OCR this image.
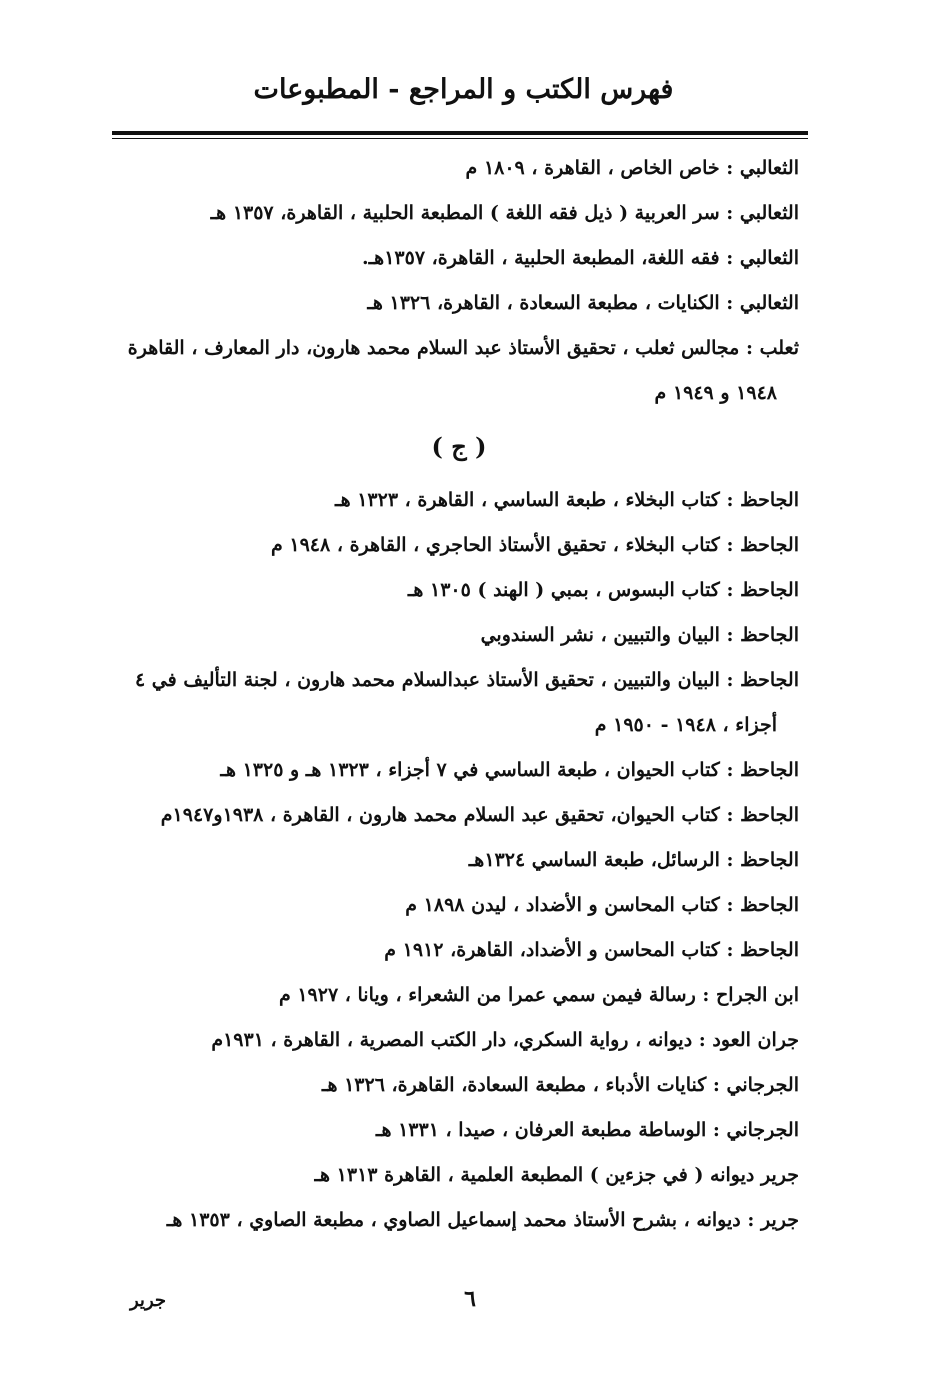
فهرس الكتب و المراجع - المطبوعات
الثعالبي : خاص الخاص ، القاهرة ، ١٨٠٩ م
الثعالبي : سر العربية ( ذيل فقه اللغة ) المطبعة الحلبية ، القاهرة، ١٣٥٧ هـ
الثعالبي : فقه اللغة، المطبعة الحلبية ، القاهرة، ١٣٥٧هـ.
الثعالبي : الكنايات ، مطبعة السعادة ، القاهرة، ١٣٢٦ هـ
ثعلب : مجالس ثعلب ، تحقيق الأستاذ عبد السلام محمد هارون، دار المعارف ، القاهرة
١٩٤٨ و ١٩٤٩ م
( ج )
الجاحظ : كتاب البخلاء ، طبعة الساسي ، القاهرة ، ١٣٢٣ هـ
الجاحظ : كتاب البخلاء ، تحقيق الأستاذ الحاجري ، القاهرة ، ١٩٤٨ م
الجاحظ : كتاب البسوس ، بمبي ( الهند ) ١٣٠٥ هـ
الجاحظ : البيان والتبيين ، نشر السندوبي
الجاحظ : البيان والتبيين ، تحقيق الأستاذ عبدالسلام محمد هارون ، لجنة التأليف في ٤
أجزاء ، ١٩٤٨ - ١٩٥٠ م
الجاحظ : كتاب الحيوان ، طبعة الساسي في ٧ أجزاء ، ١٣٢٣ هـ و ١٣٢٥ هـ
الجاحظ : كتاب الحيوان، تحقيق عبد السلام محمد هارون ، القاهرة ، ١٩٣٨و١٩٤٧م
الجاحظ : الرسائل، طبعة الساسي ١٣٢٤هـ
الجاحظ : كتاب المحاسن و الأضداد ، ليدن ١٨٩٨ م
الجاحظ : كتاب المحاسن و الأضداد، القاهرة، ١٩١٢ م
ابن الجراح : رسالة فيمن سمي عمرا من الشعراء ، ويانا ، ١٩٢٧ م
جران العود : ديوانه ، رواية السكري، دار الكتب المصرية ، القاهرة ، ١٩٣١م
الجرجاني : كنايات الأدباء ، مطبعة السعادة، القاهرة، ١٣٢٦ هـ
الجرجاني : الوساطة مطبعة العرفان ، صيدا ، ١٣٣١ هـ
جرير ديوانه ( في جزءين ) المطبعة العلمية ، القاهرة ١٣١٣ هـ
جرير : ديوانه ، بشرح الأستاذ محمد إسماعيل الصاوي ، مطبعة الصاوي ، ١٣٥٣ هـ
٦
جرير
